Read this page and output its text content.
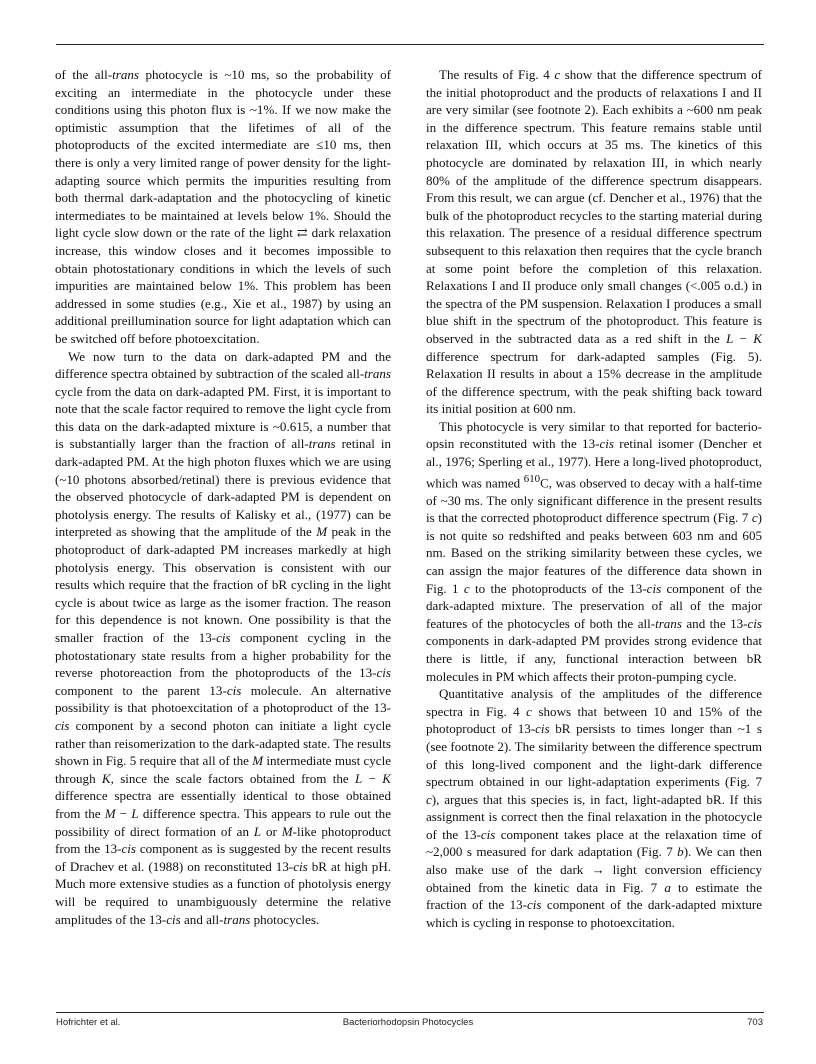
of the all-trans photocycle is ~10 ms, so the probability of exciting an intermediate in the photocycle under these conditions using this photon flux is ~1%. If we now make the optimistic assumption that the lifetimes of all of the photoproducts of the excited intermediate are ≤10 ms, then there is only a very limited range of power density for the light-adapting source which permits the impurities resulting from both thermal dark-adaptation and the photocycling of kinetic intermediates to be maintained at levels below 1%. Should the light cycle slow down or the rate of the light ⇄ dark relaxation increase, this window closes and it becomes impossible to obtain photostationary conditions in which the levels of such impurities are maintained below 1%. This problem has been addressed in some studies (e.g., Xie et al., 1987) by using an additional preillumination source for light adaptation which can be switched off before photoexcitation.

We now turn to the data on dark-adapted PM and the difference spectra obtained by subtraction of the scaled all-trans cycle from the data on dark-adapted PM. First, it is important to note that the scale factor required to remove the light cycle from this data on the dark-adapted mixture is ~0.615, a number that is substantially larger than the fraction of all-trans retinal in dark-adapted PM. At the high photon fluxes which we are using (~10 photons absorbed/retinal) there is previous evidence that the observed photocycle of dark-adapted PM is dependent on photolysis energy. The results of Kalisky et al., (1977) can be interpreted as showing that the amplitude of the M peak in the photoproduct of dark-adapted PM increases markedly at high photolysis energy. This observation is consistent with our results which require that the fraction of bR cycling in the light cycle is about twice as large as the isomer fraction. The reason for this dependence is not known. One possibility is that the smaller fraction of the 13-cis component cycling in the photostationary state results from a higher probability for the reverse photoreaction from the photoproducts of the 13-cis component to the parent 13-cis molecule. An alternative possibility is that photoexcitation of a photoproduct of the 13-cis component by a second photon can initiate a light cycle rather than reisomerization to the dark-adapted state. The results shown in Fig. 5 require that all of the M intermediate must cycle through K, since the scale factors obtained from the L − K difference spectra are essentially identical to those obtained from the M − L difference spectra. This appears to rule out the possibility of direct formation of an L or M-like photoproduct from the 13-cis component as is suggested by the recent results of Drachev et al. (1988) on reconstituted 13-cis bR at high pH. Much more extensive studies as a function of photolysis energy will be required to unambiguously determine the relative amplitudes of the 13-cis and all-trans photocycles.

The results of Fig. 4 c show that the difference spectrum of the initial photoproduct and the products of relaxations I and II are very similar (see footnote 2). Each exhibits a ~600 nm peak in the difference spectrum. This feature remains stable until relaxation III, which occurs at 35 ms. The kinetics of this photocycle are dominated by relaxation III, in which nearly 80% of the amplitude of the difference spectrum disappears. From this result, we can argue (cf. Dencher et al., 1976) that the bulk of the photoproduct recycles to the starting material during this relaxation. The presence of a residual difference spectrum subsequent to this relaxation then requires that the cycle branch at some point before the completion of this relaxation. Relaxations I and II produce only small changes (<.005 o.d.) in the spectra of the PM suspension. Relaxation I produces a small blue shift in the spectrum of the photoproduct. This feature is observed in the subtracted data as a red shift in the L − K difference spectrum for dark-adapted samples (Fig. 5). Relaxation II results in about a 15% decrease in the amplitude of the difference spectrum, with the peak shifting back toward its initial position at 600 nm.

This photocycle is very similar to that reported for bacterio-opsin reconstituted with the 13-cis retinal isomer (Dencher et al., 1976; Sperling et al., 1977). Here a long-lived photoproduct, which was named $^{610}$C, was observed to decay with a half-time of ~30 ms. The only significant difference in the present results is that the corrected photoproduct difference spectrum (Fig. 7 c) is not quite so redshifted and peaks between 603 nm and 605 nm. Based on the striking similarity between these cycles, we can assign the major features of the difference data shown in Fig. 1 c to the photoproducts of the 13-cis component of the dark-adapted mixture. The preservation of all of the major features of the photocycles of both the all-trans and the 13-cis components in dark-adapted PM provides strong evidence that there is little, if any, functional interaction between bR molecules in PM which affects their proton-pumping cycle.

Quantitative analysis of the amplitudes of the difference spectra in Fig. 4 c shows that between 10 and 15% of the photoproduct of 13-cis bR persists to times longer than ~1 s (see footnote 2). The similarity between the difference spectrum of this long-lived component and the light-dark difference spectrum obtained in our light-adaptation experiments (Fig. 7 c), argues that this species is, in fact, light-adapted bR. If this assignment is correct then the final relaxation in the photocycle of the 13-cis component takes place at the relaxation time of ~2,000 s measured for dark adaptation (Fig. 7 b). We can then also make use of the dark → light conversion efficiency obtained from the kinetic data in Fig. 7 a to estimate the fraction of the 13-cis component of the dark-adapted mixture which is cycling in response to photoexcitation.

Hofrichter et al.	Bacteriorhodopsin Photocycles	703
